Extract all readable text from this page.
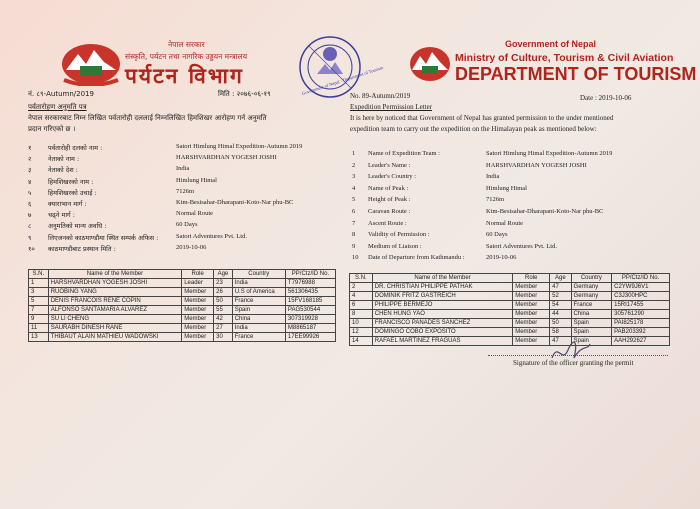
Government of Nepal · Department of Tourism
नेपाल सरकार
संस्कृति, पर्यटन तथा नागरिक उड्डयन मन्त्रालय
पर्यटन विभाग
नं. ८९-Autumn/2019	मिति : २०७६-०६-१९
Government of Nepal
Ministry of Culture, Tourism & Civil Aviation
DEPARTMENT OF TOURISM
No. 89-Autumn/2019	Date : 2019-10-06
पर्वतारोहण अनुमति पत्र
नेपाल सरकारबाट निम्न लिखित पर्वतारोही दललाई निम्नलिखित हिमशिखर आरोहण गर्न अनुमति
प्रदान गरिएको छ ।
Expedition Permission Letter
It is here by noticed that Government of Nepal has granted permission to the under mentioned
expedition team to carry out the expedition on the Himalayan peak as mentioned below:
१	पर्वतारोही दलको नाम :	Satori Himlung Himal Expedition-Autumn 2019
२	नेताको नाम :	HARSHVARDHAN YOGESH JOSHI
३	नेताको देश :	India
४	हिमशिखरको नाम :	Himlung Himal
५	हिमशिखरको उचाई :	7126m
६	क्याराभान मार्ग :	Ktm-Besisahar-Dharapani-Koto-Nar phu-BC
७	चढ्ने मार्ग :	Normal Route
८	अनुमतिको मान्य अवधि :	60 Days
९	लिएजनको काठमाण्डौमा स्थित सम्पर्क अफिस :	Satori Adventures Pvt. Ltd.
१०	काठमाण्डौबाट प्रस्थान मिति :	2019-10-06
1 Name of Expedition Team :	Satori Himlung Himal Expedition-Autumn 2019
2 Leader's Name :	HARSHVARDHAN YOGESH JOSHI
3 Leader's Country :	India
4 Name of Peak :	Himlung Himal
5 Height of Peak :	7126m
6 Caravan Route :	Ktm-Besisahar-Dharapani-Koto-Nar phu-BC
7 Ascent Route :	Normal Route
8 Validity of Permission :	60 Days
9 Medium of Liaison :	Satori Adventures Pvt. Ltd.
10 Date of Departure from Kathmandu :	2019-10-06
S.N.	Name of the Member	Role	Age	Country	PP/Ctz/ID No.
1	HARSHVARDHAN YOGESH JOSHI	Leader	23	India	T7976988
3	RUOBING YANG	Member	26	U.S of America	561306435
5	DENIS FRANCOIS RENE COPIN	Member	50	France	15FV168185
7	ALFONSO SANTAMARIA ALVAREZ	Member	55	Spain	PAG530544
9	SU LI CHENG	Member	42	China	307319928
11	SAURABH DINESH RANE	Member	27	India	M8865187
13	THIBAUT ALAIN MATHIEU WADOWSKI	Member	30	France	17EE99926
S.N.	Name of the Member	Role	Age	Country	PP/Ctz/ID No.
2	DR. CHRISTIAN PHILIPPE PATHAK	Member	47	Germany	C2YW9J6V1
4	DOMINIK FRITZ GASTREICH	Member	52	Germany	C3J300HPC
6	PHILIPPE BERMEJO	Member	54	France	15RI17455
8	CHEN HUNG YAO	Member	44	China	305761290
10	FRANCISCO PANADES SANCHEZ	Member	50	Spain	PAI825178
12	DOMINGO COBO EXPOSITO	Member	58	Spain	PAB203392
14	RAFAEL MARTINEZ FRAGUAS	Member	47	Spain	AAH292627
Signature of the officer granting the permit
